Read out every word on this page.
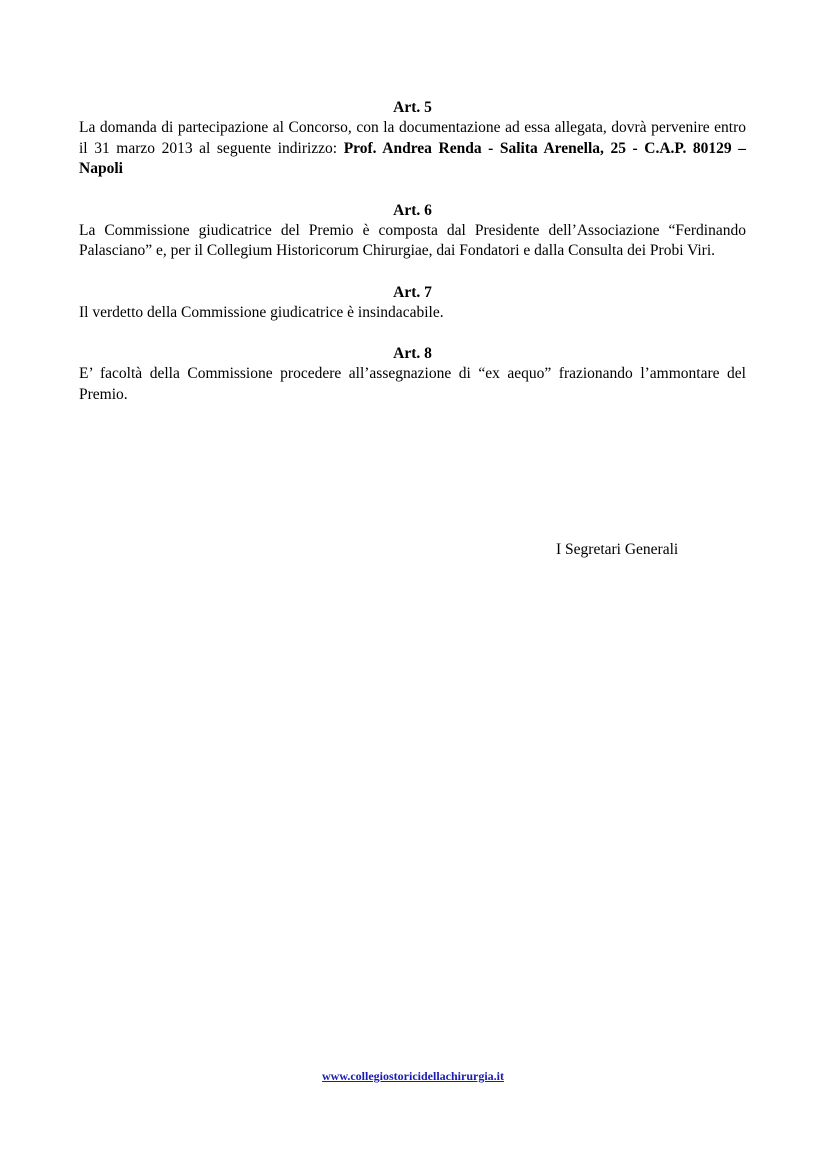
Art. 5

La domanda di partecipazione al Concorso, con la documentazione ad essa allegata, dovrà pervenire entro il 31 marzo 2013 al seguente indirizzo: Prof. Andrea Renda - Salita Arenella, 25 - C.A.P. 80129 – Napoli

Art. 6

La Commissione giudicatrice del Premio è composta dal Presidente dell’Associazione “Ferdinando Palasciano” e, per il Collegium Historicorum Chirurgiae, dai Fondatori e dalla Consulta dei Probi Viri.

Art. 7

Il verdetto della Commissione giudicatrice è insindacabile.

Art. 8

E’ facoltà della Commissione procedere all’assegnazione di “ex aequo” frazionando l’ammontare del Premio.

I Segretari Generali
www.collegiostoricidellachirurgia.it
